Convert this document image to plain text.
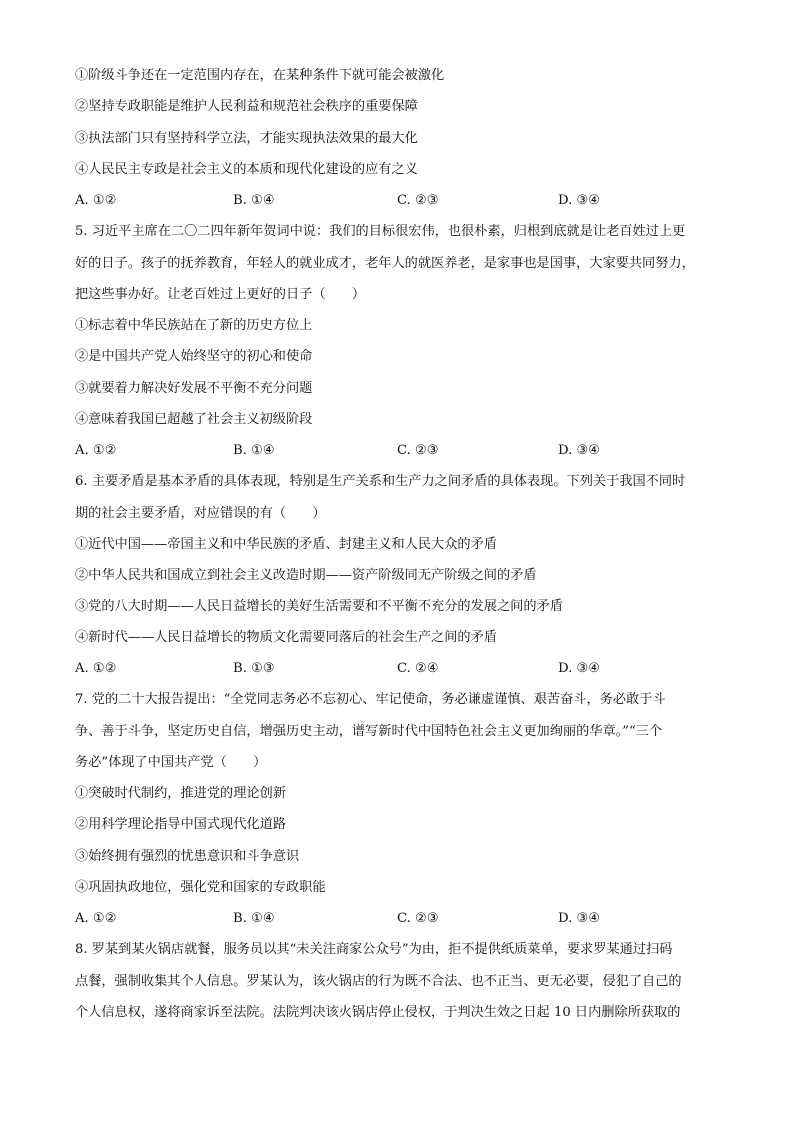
①阶级斗争还在一定范围内存在，在某种条件下就可能会被激化
②坚持专政职能是维护人民利益和规范社会秩序的重要保障
③执法部门只有坚持科学立法，才能实现执法效果的最大化
④人民民主专政是社会主义的本质和现代化建设的应有之义
A. ①②	B. ①④	C. ②③	D. ③④
5. 习近平主席在二〇二四年新年贺词中说：我们的目标很宏伟，也很朴素，归根到底就是让老百姓过上更
好的日子。孩子的抚养教育，年轻人的就业成才，老年人的就医养老，是家事也是国事，大家要共同努力，
把这些事办好。让老百姓过上更好的日子（　　）
①标志着中华民族站在了新的历史方位上
②是中国共产党人始终坚守的初心和使命
③就要着力解决好发展不平衡不充分问题
④意味着我国已超越了社会主义初级阶段
A. ①②	B. ①④	C. ②③	D. ③④
6. 主要矛盾是基本矛盾的具体表现，特别是生产关系和生产力之间矛盾的具体表现。下列关于我国不同时
期的社会主要矛盾，对应错误的有（　　）
①近代中国——帝国主义和中华民族的矛盾、封建主义和人民大众的矛盾
②中华人民共和国成立到社会主义改造时期——资产阶级同无产阶级之间的矛盾
③党的八大时期——人民日益增长的美好生活需要和不平衡不充分的发展之间的矛盾
④新时代——人民日益增长的物质文化需要同落后的社会生产之间的矛盾
A. ①②	B. ①③	C. ②④	D. ③④
7. 党的二十大报告提出：“全党同志务必不忘初心、牢记使命，务必谦虚谨慎、艰苦奋斗，务必敢于斗
争、善于斗争，坚定历史自信，增强历史主动，谱写新时代中国特色社会主义更加绚丽的华章。”“三个
务必”体现了中国共产党（　　）
①突破时代制约，推进党的理论创新
②用科学理论指导中国式现代化道路
③始终拥有强烈的忧患意识和斗争意识
④巩固执政地位，强化党和国家的专政职能
A. ①②	B. ①④	C. ②③	D. ③④
8. 罗某到某火锅店就餐，服务员以其“未关注商家公众号”为由，拒不提供纸质菜单，要求罗某通过扫码
点餐，强制收集其个人信息。罗某认为，该火锅店的行为既不合法、也不正当、更无必要，侵犯了自己的
个人信息权，遂将商家诉至法院。法院判决该火锅店停止侵权，于判决生效之日起 10 日内删除所获取的
